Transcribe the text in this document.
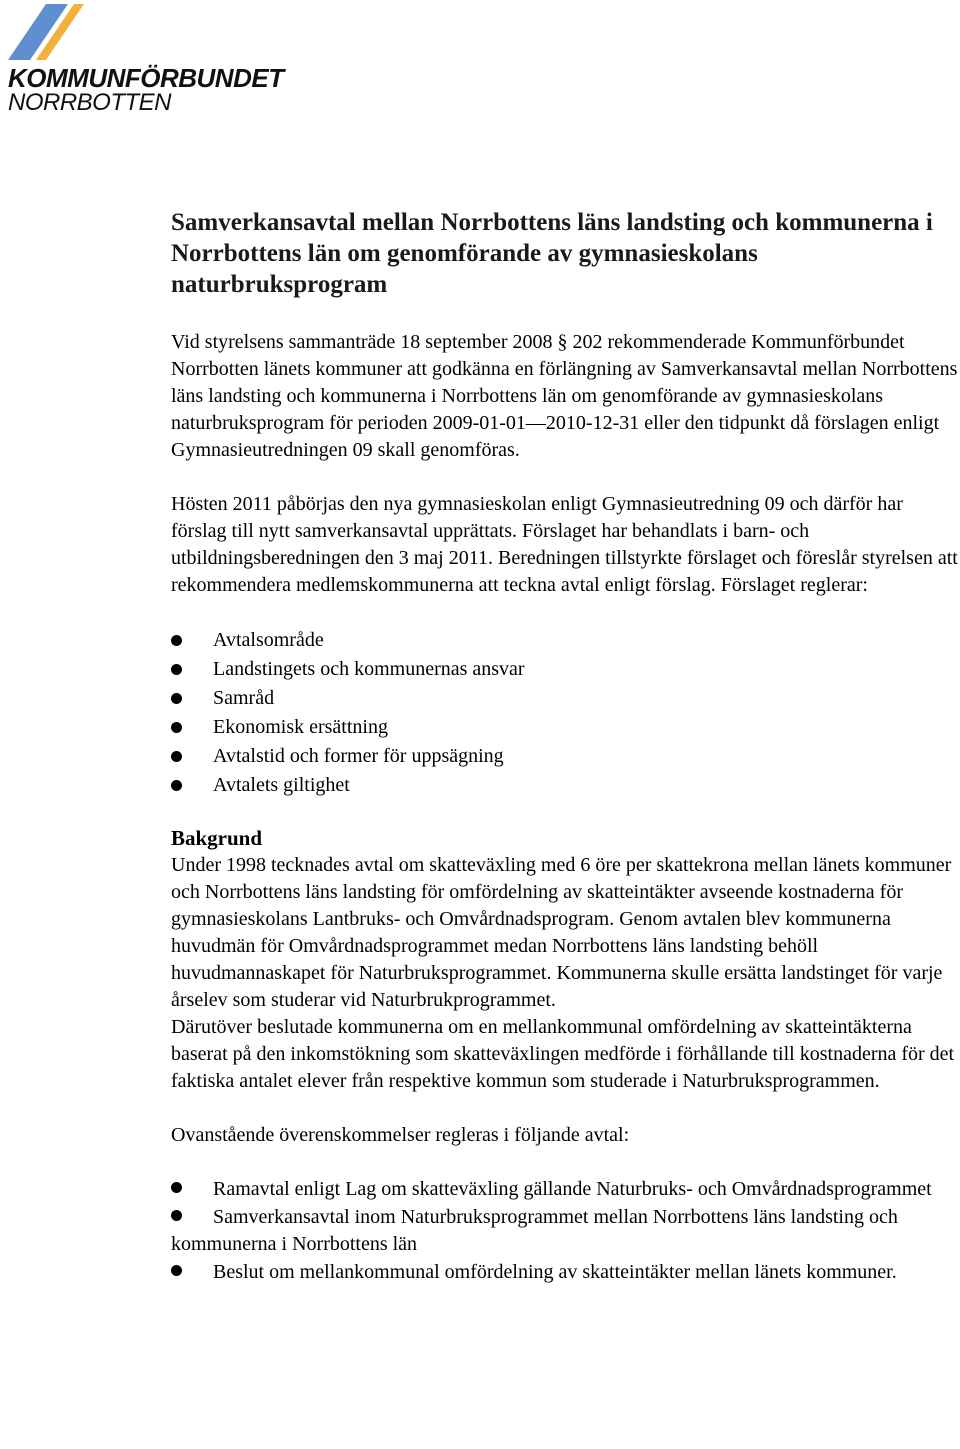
KOMMUNFÖRBUNDET
NORRBOTTEN
Samverkansavtal mellan Norrbottens läns landsting och kommunerna i Norrbottens län om genomförande av gymnasieskolans naturbruksprogram

Vid styrelsens sammanträde 18 september 2008 § 202 rekommenderade Kommunförbundet Norrbotten länets kommuner att godkänna en förlängning av Samverkansavtal mellan Norrbottens läns landsting och kommunerna i Norrbottens län om genomförande av gymnasieskolans naturbruksprogram för perioden 2009-01-01—2010-12-31 eller den tidpunkt då förslagen enligt Gymnasieutredningen 09 skall genomföras.

Hösten 2011 påbörjas den nya gymnasieskolan enligt Gymnasieutredning 09 och därför har förslag till nytt samverkansavtal upprättats. Förslaget har behandlats i barn- och utbildningsberedningen den 3 maj 2011. Beredningen tillstyrkte förslaget och föreslår styrelsen att rekommendera medlemskommunerna att teckna avtal enligt förslag. Förslaget reglerar:

Avtalsområde
Landstingets och kommunernas ansvar
Samråd
Ekonomisk ersättning
Avtalstid och former för uppsägning
Avtalets giltighet
Bakgrund

Under 1998 tecknades avtal om skatteväxling med 6 öre per skattekrona mellan länets kommuner och Norrbottens läns landsting för omfördelning av skatteintäkter avseende kostnaderna för gymnasieskolans Lantbruks- och Omvårdnadsprogram. Genom avtalen blev kommunerna huvudmän för Omvårdnadsprogrammet medan Norrbottens läns landsting behöll huvudmannaskapet för Naturbruksprogrammet. Kommunerna skulle ersätta landstinget för varje årselev som studerar vid Naturbrukprogrammet.

Därutöver beslutade kommunerna om en mellankommunal omfördelning av skatteintäkterna baserat på den inkomstökning som skatteväxlingen medförde i förhållande till kostnaderna för det faktiska antalet elever från respektive kommun som studerade i Naturbruksprogrammen.

Ovanstående överenskommelser regleras i följande avtal:

Ramavtal enligt Lag om skatteväxling gällande Naturbruks- och Omvårdnadsprogrammet
Samverkansavtal inom Naturbruksprogrammet mellan Norrbottens läns landsting och kommunerna i Norrbottens län
Beslut om mellankommunal omfördelning av skatteintäkter mellan länets kommuner.
